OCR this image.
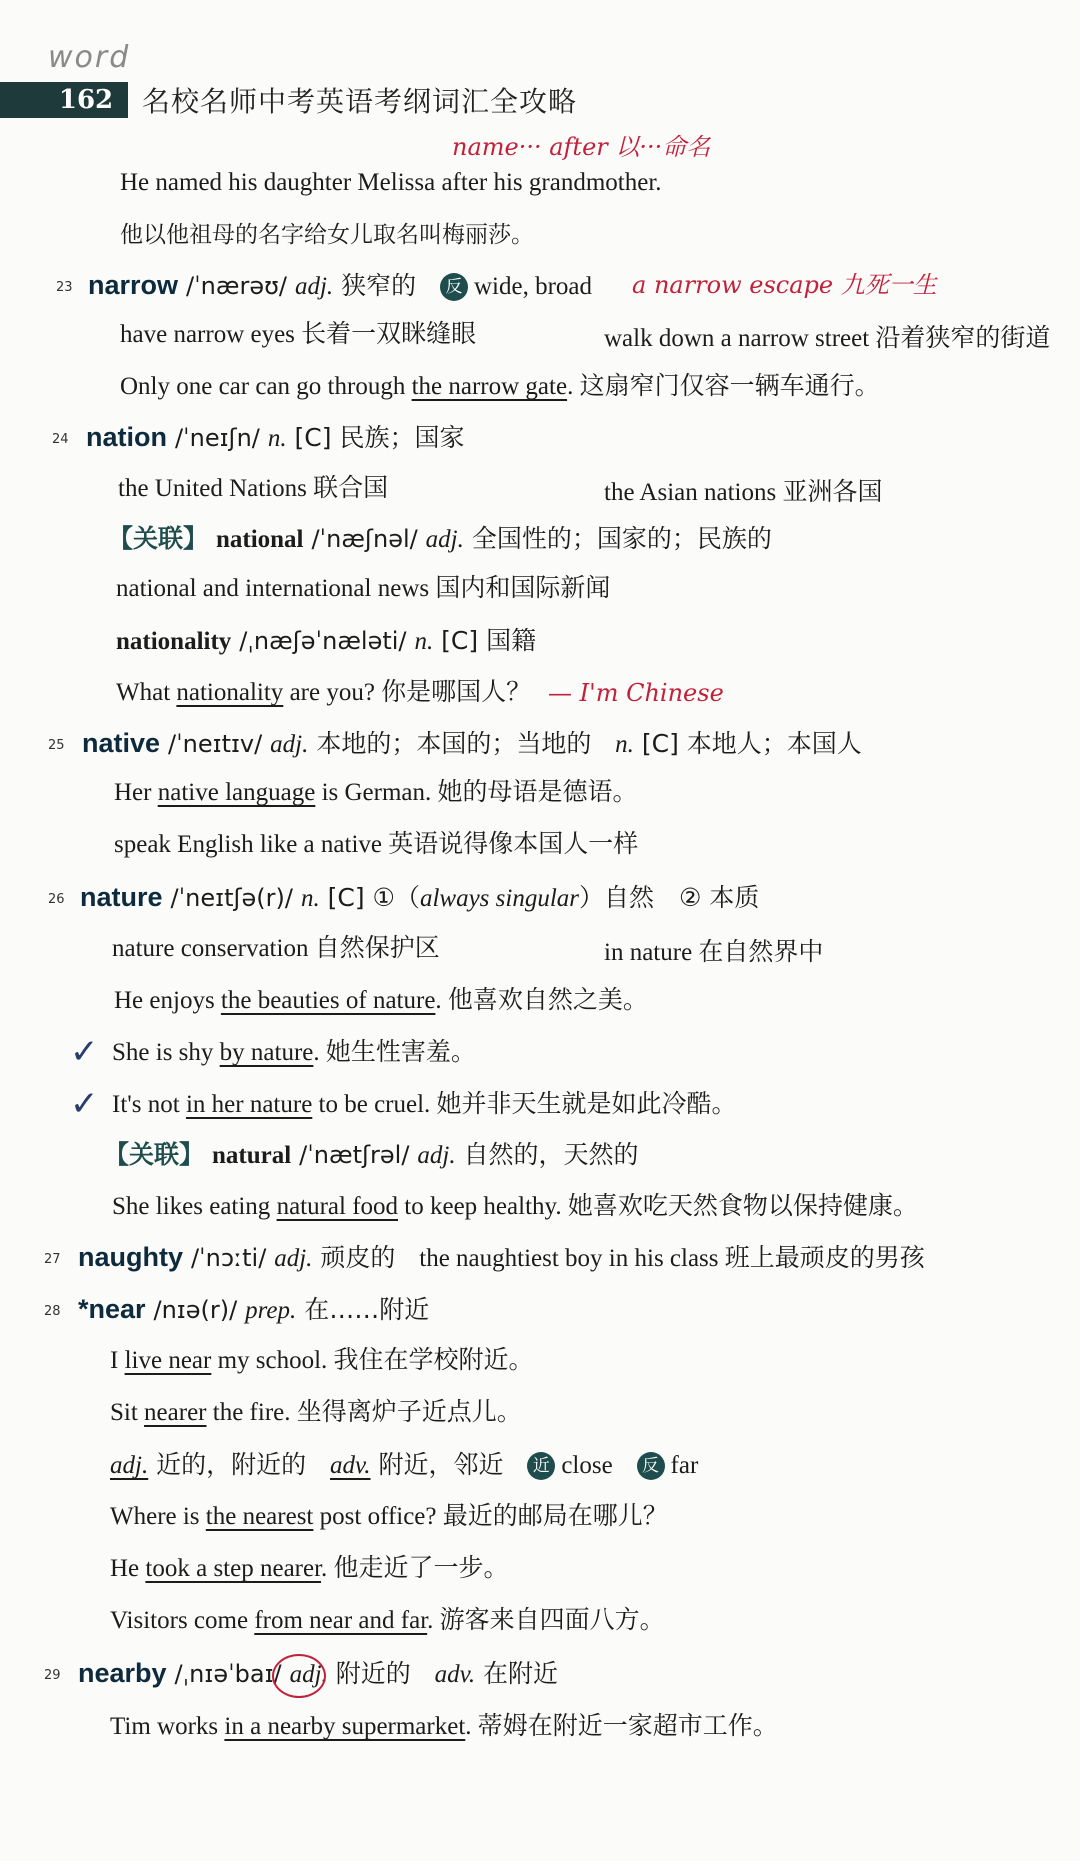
word
162	名校名师中考英语考纲词汇全攻略
name··· after 以···命名
a narrow escape 九死一生
— I'm Chinese
He named his daughter Melissa after his grandmother.
他以他祖母的名字给女儿取名叫梅丽莎。
23 narrow /ˈnærəʊ/ adj. 狭窄的 反 wide, broad
have narrow eyes 长着一双眯缝眼	walk down a narrow street 沿着狭窄的街道
Only one car can go through the narrow gate. 这扇窄门仅容一辆车通行。
24 nation /ˈneɪʃn/ n. [C] 民族；国家
the United Nations 联合国	the Asian nations 亚洲各国
【关联】 national /ˈnæʃnəl/ adj. 全国性的；国家的；民族的
national and international news 国内和国际新闻
nationality /ˌnæʃəˈnæləti/ n. [C] 国籍
What nationality are you? 你是哪国人？
25 native /ˈneɪtɪv/ adj. 本地的；本国的；当地的 n. [C] 本地人；本国人
Her native language is German. 她的母语是德语。
speak English like a native 英语说得像本国人一样
26 nature /ˈneɪtʃə(r)/ n. [C] ①（always singular）自然　② 本质
nature conservation 自然保护区	in nature 在自然界中
He enjoys the beauties of nature. 他喜欢自然之美。
✓ She is shy by nature. 她生性害羞。
✓ It's not in her nature to be cruel. 她并非天生就是如此冷酷。
【关联】 natural /ˈnætʃrəl/ adj. 自然的，天然的
She likes eating natural food to keep healthy. 她喜欢吃天然食物以保持健康。
27 naughty /ˈnɔːti/ adj. 顽皮的 the naughtiest boy in his class 班上最顽皮的男孩
28 *near /nɪə(r)/ prep. 在……附近
I live near my school. 我住在学校附近。
Sit nearer the fire. 坐得离炉子近点儿。
adj. 近的，附近的 adv. 附近，邻近 近 close 反 far
Where is the nearest post office? 最近的邮局在哪儿？
He took a step nearer. 他走近了一步。
Visitors come from near and far. 游客来自四面八方。
29 nearby /ˌnɪəˈbaɪ/ adj. 附近的 adv. 在附近
Tim works in a nearby supermarket. 蒂姆在附近一家超市工作。
